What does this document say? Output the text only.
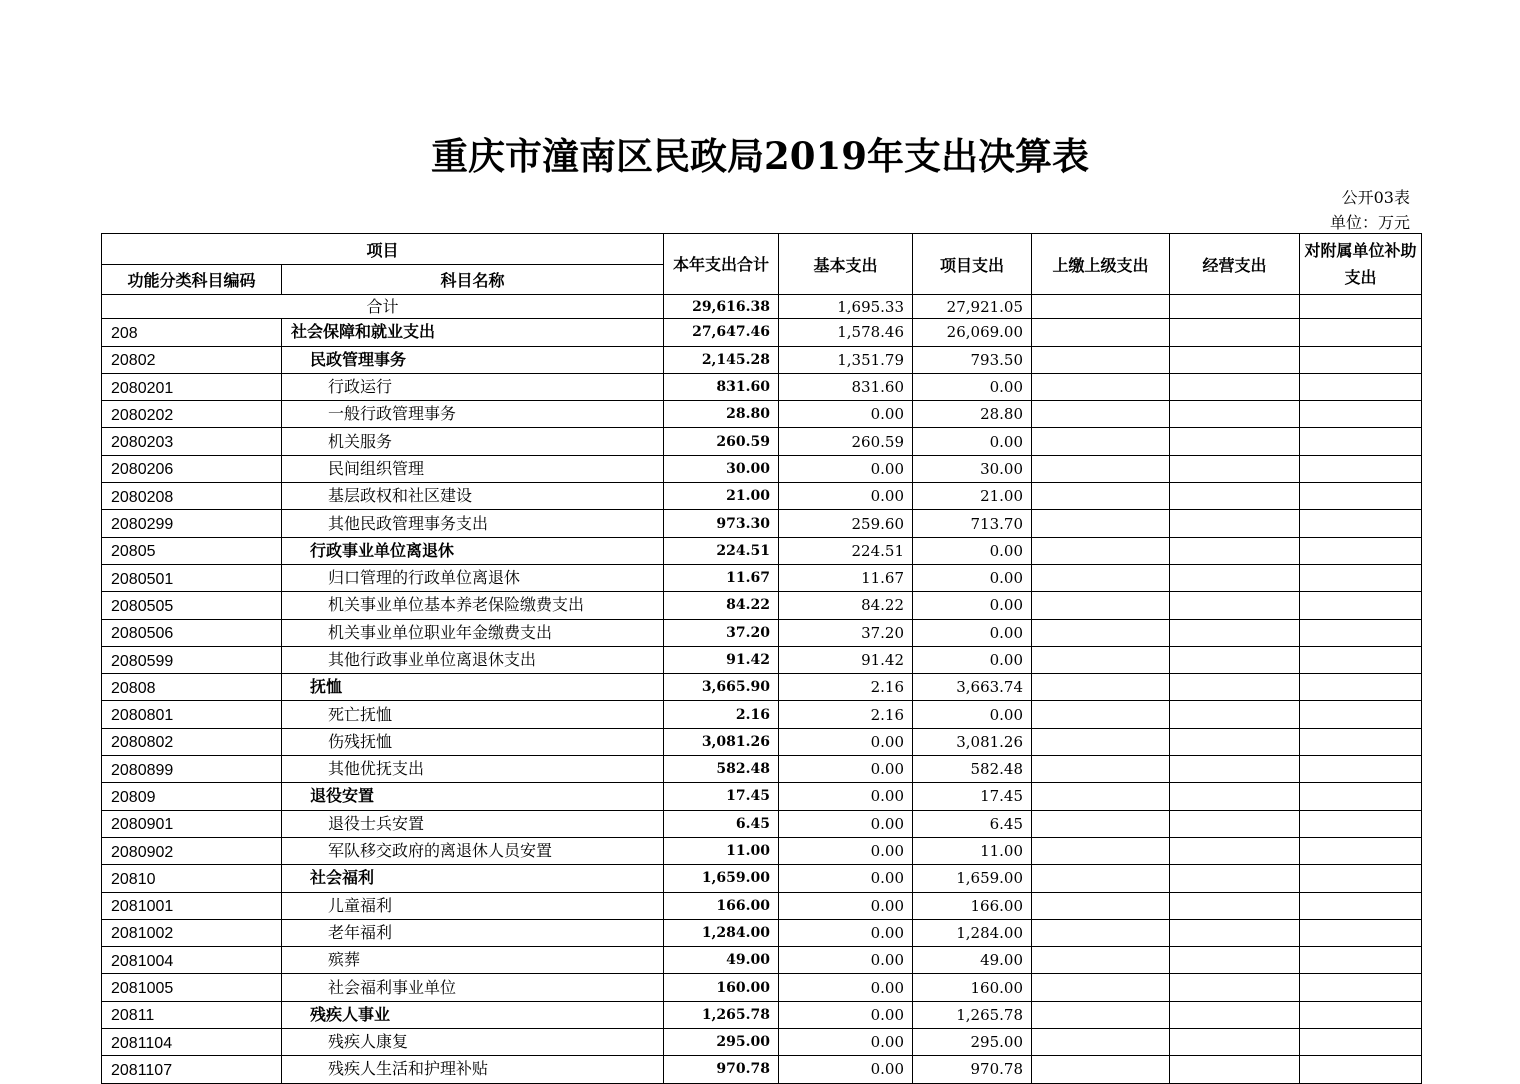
重庆市潼南区民政局2019年支出决算表
公开03表
单位：万元
项目		本年支出合计	基本支出	项目支出	上缴上级支出	经营支出	对附属单位补助支出
功能分类科目编码	科目名称						
合计		29,616.38	1,695.33	27,921.05			
208	社会保障和就业支出	27,647.46	1,578.46	26,069.00			
20802	民政管理事务	2,145.28	1,351.79	793.50			
2080201	行政运行	831.60	831.60	0.00			
2080202	一般行政管理事务	28.80	0.00	28.80			
2080203	机关服务	260.59	260.59	0.00			
2080206	民间组织管理	30.00	0.00	30.00			
2080208	基层政权和社区建设	21.00	0.00	21.00			
2080299	其他民政管理事务支出	973.30	259.60	713.70			
20805	行政事业单位离退休	224.51	224.51	0.00			
2080501	归口管理的行政单位离退休	11.67	11.67	0.00			
2080505	机关事业单位基本养老保险缴费支出	84.22	84.22	0.00			
2080506	机关事业单位职业年金缴费支出	37.20	37.20	0.00			
2080599	其他行政事业单位离退休支出	91.42	91.42	0.00			
20808	抚恤	3,665.90	2.16	3,663.74			
2080801	死亡抚恤	2.16	2.16	0.00			
2080802	伤残抚恤	3,081.26	0.00	3,081.26			
2080899	其他优抚支出	582.48	0.00	582.48			
20809	退役安置	17.45	0.00	17.45			
2080901	退役士兵安置	6.45	0.00	6.45			
2080902	军队移交政府的离退休人员安置	11.00	0.00	11.00			
20810	社会福利	1,659.00	0.00	1,659.00			
2081001	儿童福利	166.00	0.00	166.00			
2081002	老年福利	1,284.00	0.00	1,284.00			
2081004	殡葬	49.00	0.00	49.00			
2081005	社会福利事业单位	160.00	0.00	160.00			
20811	残疾人事业	1,265.78	0.00	1,265.78			
2081104	残疾人康复	295.00	0.00	295.00			
2081107	残疾人生活和护理补贴	970.78	0.00	970.78			
